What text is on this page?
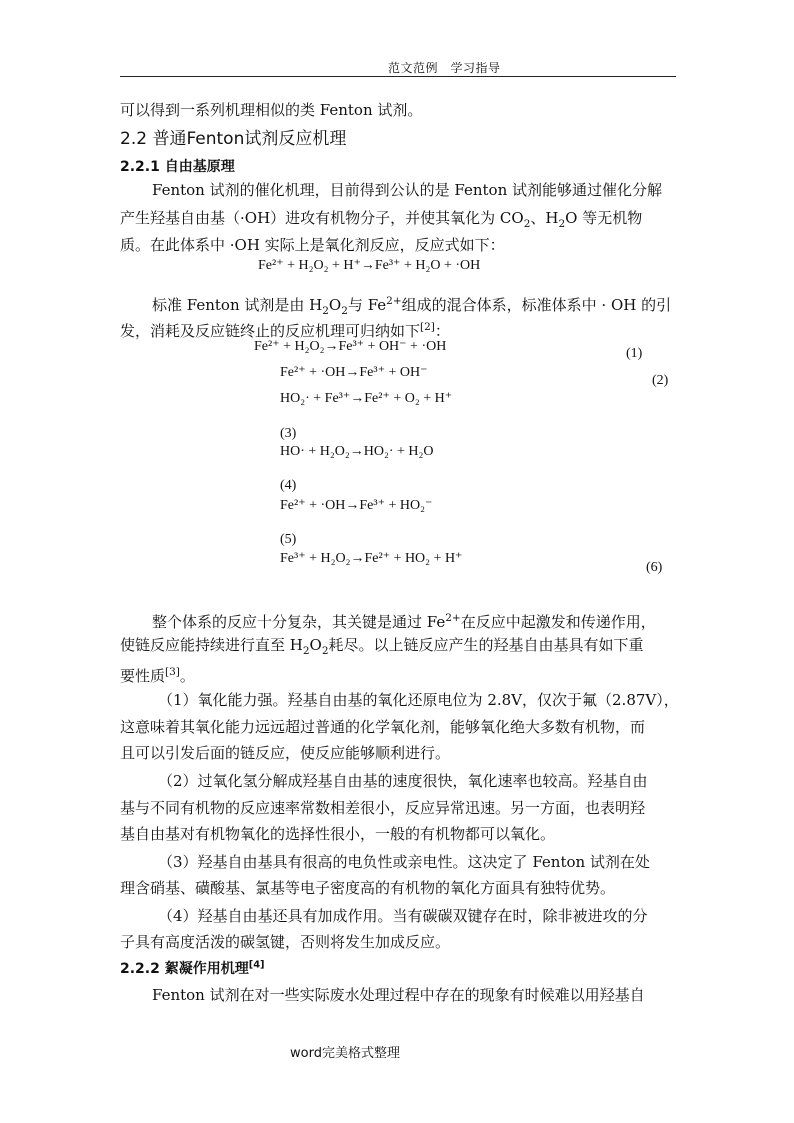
范文范例　学习指导
可以得到一系列机理相似的类 Fenton 试剂。
2.2 普通Fenton试剂反应机理
2.2.1 自由基原理
Fenton 试剂的催化机理，目前得到公认的是 Fenton 试剂能够通过催化分解
产生羟基自由基（·OH）进攻有机物分子，并使其氧化为 $CO_2$、$H_2O$ 等无机物
质。在此体系中 ·OH 实际上是氧化剂反应，反应式如下：
Fe²⁺ + H₂O₂ + H⁺→Fe³⁺ + H₂O + ·OH
标准 Fenton 试剂是由 $H_2O_2$与 $Fe^{2+}$组成的混合体系，标准体系中 · OH 的引
发，消耗及反应链终止的反应机理可归纳如下[2]：
Fe²⁺ + H₂O₂→Fe³⁺ + OH⁻ + ·OH	(1)
Fe²⁺ + ·OH→Fe³⁺ + OH⁻
(2)
HO₂· + Fe³⁺→Fe²⁺ + O₂ + H⁺
(3)
HO· + H₂O₂→HO₂· + H₂O
(4)
Fe²⁺ + ·OH→Fe³⁺ + HO₂⁻
(5)
Fe³⁺ + H₂O₂→Fe²⁺ + HO₂ + H⁺
(6)
整个体系的反应十分复杂，其关键是通过 $Fe^{2+}$在反应中起激发和传递作用，
使链反应能持续进行直至 $H_2O_2$耗尽。以上链反应产生的羟基自由基具有如下重
要性质[3]。
（1）氧化能力强。羟基自由基的氧化还原电位为 2.8V，仅次于氟（2.87V），
这意味着其氧化能力远远超过普通的化学氧化剂，能够氧化绝大多数有机物，而
且可以引发后面的链反应，使反应能够顺利进行。
（2）过氧化氢分解成羟基自由基的速度很快，氧化速率也较高。羟基自由
基与不同有机物的反应速率常数相差很小，反应异常迅速。另一方面，也表明羟
基自由基对有机物氧化的选择性很小，一般的有机物都可以氧化。
（3）羟基自由基具有很高的电负性或亲电性。这决定了 Fenton 试剂在处
理含硝基、磺酸基、氯基等电子密度高的有机物的氧化方面具有独特优势。
（4）羟基自由基还具有加成作用。当有碳碳双键存在时，除非被进攻的分
子具有高度活泼的碳氢键，否则将发生加成反应。
2.2.2 絮凝作用机理[4]
Fenton 试剂在对一些实际废水处理过程中存在的现象有时候难以用羟基自
word完美格式整理
